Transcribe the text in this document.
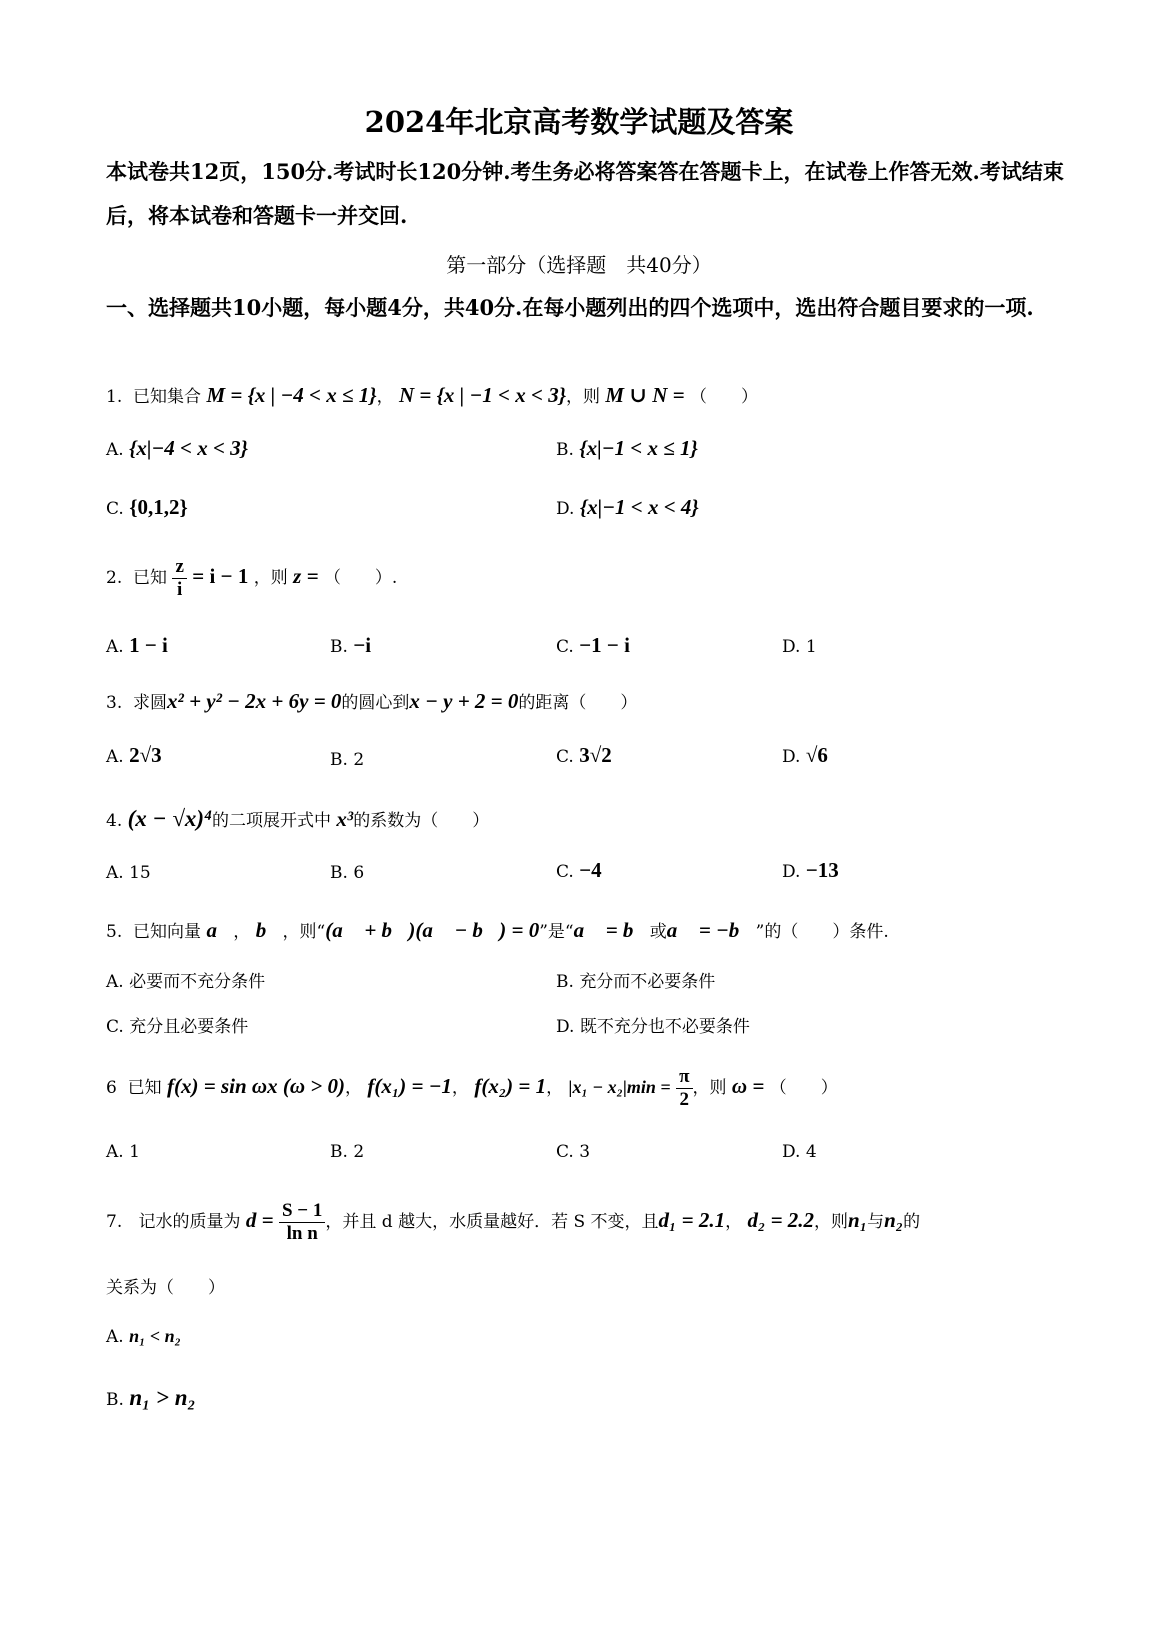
2024年北京高考数学试题及答案
本试卷共12页，150分.考试时长120分钟.考生务必将答案答在答题卡上，在试卷上作答无效.考试结束后，将本试卷和答题卡一并交回.
第一部分（选择题　共40分）
一、选择题共10小题，每小题4分，共40分.在每小题列出的四个选项中，选出符合题目要求的一项.
1. 已知集合 M = {x | −4 < x ≤ 1}， N = {x | −1 < x < 3}，则 M ∪ N = （　　）
A. {x|−4 < x < 3}	B. {x|−1 < x ≤ 1}
C. {0,1,2}	D. {x|−1 < x < 4}
2. 已知 $\frac{z}{i} = i - 1$ ，则 z = （　　）.
A. 1 − i	B. −i	C. −1 − i	D. 1
3. 求圆x² + y² − 2x + 6y = 0的圆心到x − y + 2 = 0的距离（　　）
A. 2√3	B. 2	C. 3√2	D. √6
4. (x − √x)⁴的二项展开式中 x³的系数为（　　）
A. 15	B. 6	C. −4	D. −13
5. 已知向量 a⃗， b⃗，则“(a⃗ + b⃗)(a⃗ − b⃗) = 0”是“a⃗ = b⃗或a⃗ = −b⃗”的（　　）条件.
A. 必要而不充分条件	B. 充分而不必要条件
C. 充分且必要条件	D. 既不充分也不必要条件
6 已知 f(x) = sin ωx (ω > 0)， f(x₁) = −1， f(x₂) = 1， $|x_1 - x_2|\min = \frac{\pi}{2}$ ，则 ω = （　　）
A. 1	B. 2	C. 3	D. 4
7. 记水的质量为 $d = \frac{S - 1}{\text{ln n}}$ ，并且 d 越大，水质量越好．若 S 不变，且d₁ = 2.1， d₂ = 2.2，则n₁与n₂的
关系为（　　）
A. n₁ < n₂
B. n₁ > n₂
